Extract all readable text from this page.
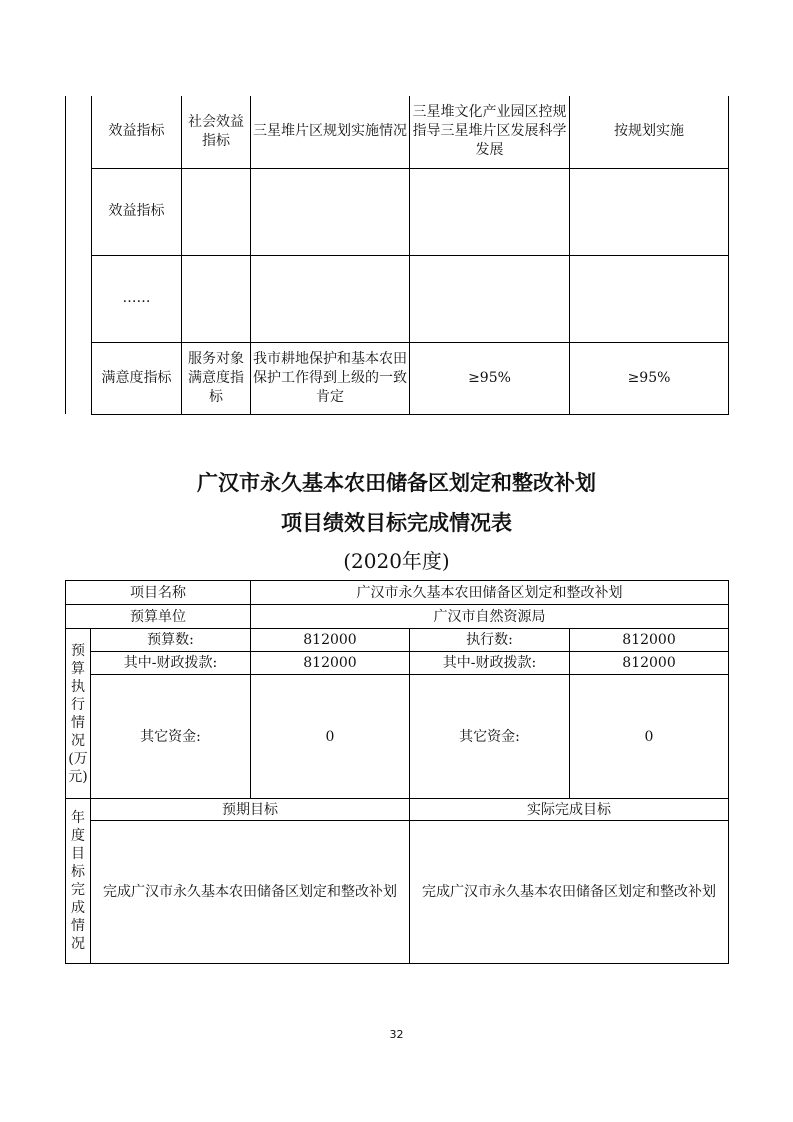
	效益指标	社会效益指标	三星堆片区规划实施情况	三星堆文化产业园区控规指导三星堆片区发展科学发展	按规划实施
	效益指标				
	……				
	满意度指标	服务对象满意度指标	我市耕地保护和基本农田保护工作得到上级的一致肯定	≥95%	≥95%
广汉市永久基本农田储备区划定和整改补划
项目绩效目标完成情况表
(2020年度)
项目名称		广汉市永久基本农田储备区划定和整改补划		
预算单位		广汉市自然资源局		
预算执行情况(万元)	预算数:	812000	执行数:	812000
	其中-财政拨款:	812000	其中-财政拨款:	812000
	其它资金:	0	其它资金:	0
年度目标完成情况	预期目标		实际完成目标	
	完成广汉市永久基本农田储备区划定和整改补划		完成广汉市永久基本农田储备区划定和整改补划	
32
